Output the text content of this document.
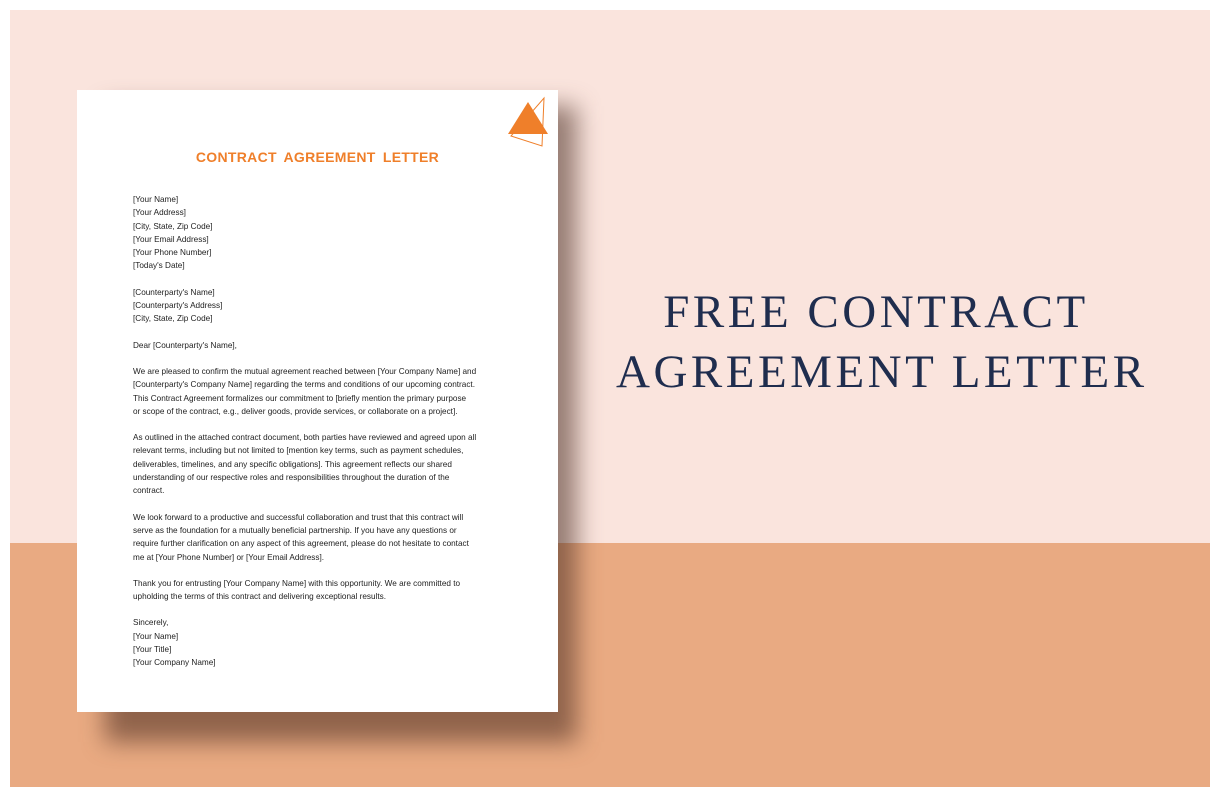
CONTRACT AGREEMENT LETTER
[Your Name]
[Your Address]
[City, State, Zip Code]
[Your Email Address]
[Your Phone Number]
[Today's Date]
[Counterparty's Name]
[Counterparty's Address]
[City, State, Zip Code]
Dear [Counterparty's Name],
We are pleased to confirm the mutual agreement reached between [Your Company Name] and
[Counterparty's Company Name] regarding the terms and conditions of our upcoming contract.
This Contract Agreement formalizes our commitment to [briefly mention the primary purpose
or scope of the contract, e.g., deliver goods, provide services, or collaborate on a project].
As outlined in the attached contract document, both parties have reviewed and agreed upon all
relevant terms, including but not limited to [mention key terms, such as payment schedules,
deliverables, timelines, and any specific obligations]. This agreement reflects our shared
understanding of our respective roles and responsibilities throughout the duration of the
contract.
We look forward to a productive and successful collaboration and trust that this contract will
serve as the foundation for a mutually beneficial partnership. If you have any questions or
require further clarification on any aspect of this agreement, please do not hesitate to contact
me at [Your Phone Number] or [Your Email Address].
Thank you for entrusting [Your Company Name] with this opportunity. We are committed to
upholding the terms of this contract and delivering exceptional results.
Sincerely,
[Your Name]
[Your Title]
[Your Company Name]
FREE CONTRACT
AGREEMENT LETTER
